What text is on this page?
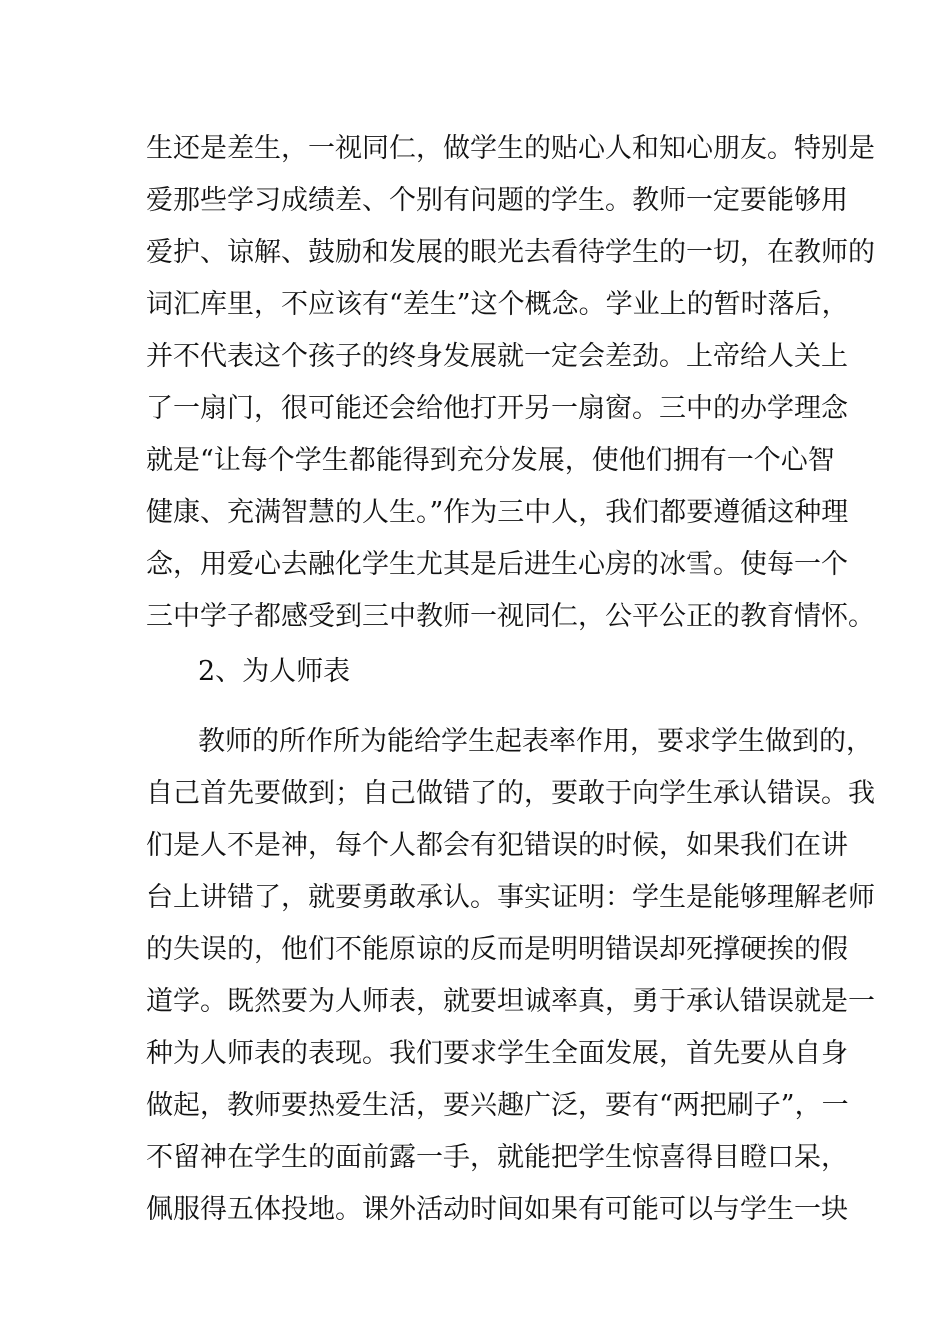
生还是差生，一视同仁，做学生的贴心人和知心朋友。特别是

爱那些学习成绩差、个别有问题的学生。教师一定要能够用

爱护、谅解、鼓励和发展的眼光去看待学生的一切，在教师的

词汇库里，不应该有“差生”这个概念。学业上的暂时落后，

并不代表这个孩子的终身发展就一定会差劲。上帝给人关上

了一扇门，很可能还会给他打开另一扇窗。三中的办学理念

就是“让每个学生都能得到充分发展，使他们拥有一个心智

健康、充满智慧的人生。”作为三中人，我们都要遵循这种理

念，用爱心去融化学生尤其是后进生心房的冰雪。使每一个

三中学子都感受到三中教师一视同仁，公平公正的教育情怀。

2、为人师表

教师的所作所为能给学生起表率作用，要求学生做到的，

自己首先要做到；自己做错了的，要敢于向学生承认错误。我

们是人不是神，每个人都会有犯错误的时候，如果我们在讲

台上讲错了，就要勇敢承认。事实证明：学生是能够理解老师

的失误的，他们不能原谅的反而是明明错误却死撑硬挨的假

道学。既然要为人师表，就要坦诚率真，勇于承认错误就是一

种为人师表的表现。我们要求学生全面发展，首先要从自身

做起，教师要热爱生活，要兴趣广泛，要有“两把刷子”，一

不留神在学生的面前露一手，就能把学生惊喜得目瞪口呆，

佩服得五体投地。课外活动时间如果有可能可以与学生一块
